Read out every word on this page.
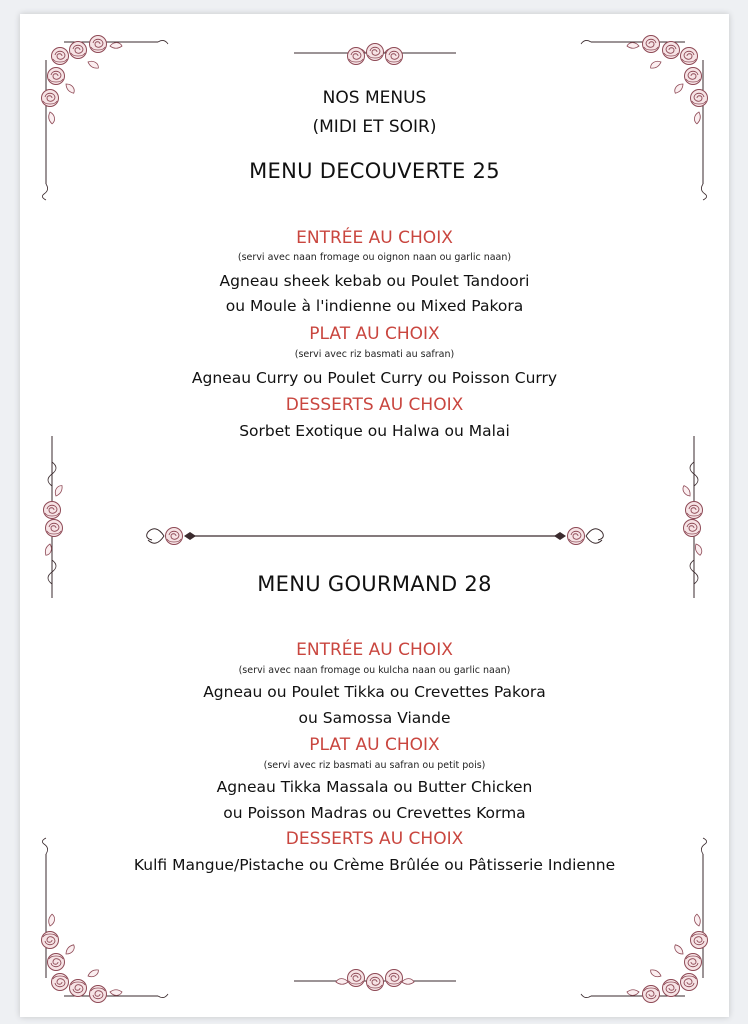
NOS MENUS
(MIDI ET SOIR)
MENU DECOUVERTE 25
ENTRÉE AU CHOIX
(servi avec naan fromage ou oignon naan ou garlic naan)
Agneau sheek kebab ou Poulet Tandoori
ou Moule à l'indienne ou Mixed Pakora
PLAT AU CHOIX
(servi avec riz basmati au safran)
Agneau Curry ou Poulet Curry ou Poisson Curry
DESSERTS AU CHOIX
Sorbet Exotique ou Halwa ou Malai
MENU GOURMAND 28
ENTRÉE AU CHOIX
(servi avec naan fromage ou kulcha naan ou garlic naan)
Agneau ou Poulet Tikka ou Crevettes Pakora
ou Samossa Viande
PLAT AU CHOIX
(servi avec riz basmati au safran ou petit pois)
Agneau Tikka Massala ou Butter Chicken
ou Poisson Madras ou Crevettes Korma
DESSERTS AU CHOIX
Kulfi Mangue/Pistache ou Crème Brûlée ou Pâtisserie Indienne
